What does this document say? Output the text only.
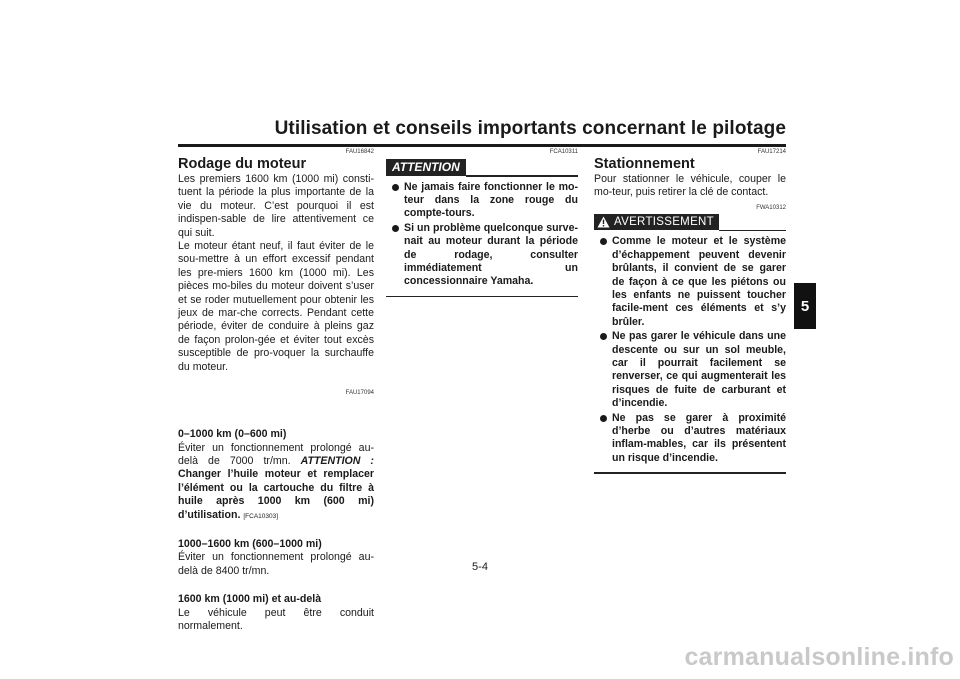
Utilisation et conseils importants concernant le pilotage
5
FAU16842
Rodage du moteur

Les premiers 1600 km (1000 mi) consti-tuent la période la plus importante de la vie du moteur. C’est pourquoi il est indispen-sable de lire attentivement ce qui suit.

Le moteur étant neuf, il faut éviter de le sou-mettre à un effort excessif pendant les pre-miers 1600 km (1000 mi). Les pièces mo-biles du moteur doivent s’user et se roder mutuellement pour obtenir les jeux de mar-che corrects. Pendant cette période, éviter de conduire à pleins gaz de façon prolon-gée et éviter tout excès susceptible de pro-voquer la surchauffe du moteur.

FAU17094
0–1000 km (0–600 mi)

Éviter un fonctionnement prolongé au-delà de 7000 tr/mn. ATTENTION : Changer l’huile moteur et remplacer l’élément ou la cartouche du filtre à huile après 1000 km (600 mi) d’utilisation. [FCA10303]

1000–1600 km (600–1000 mi)

Éviter un fonctionnement prolongé au-delà de 8400 tr/mn.

1600 km (1000 mi) et au-delà

Le véhicule peut être conduit normalement.

FCA10311
ATTENTION
Ne jamais faire fonctionner le mo-teur dans la zone rouge du compte-tours.
Si un problème quelconque surve-nait au moteur durant la période de rodage, consulter immédiatement un concessionnaire Yamaha.
FAU17214
Stationnement

Pour stationner le véhicule, couper le mo-teur, puis retirer la clé de contact.

FWA10312
AVERTISSEMENT
Comme le moteur et le système d’échappement peuvent devenir brûlants, il convient de se garer de façon à ce que les piétons ou les enfants ne puissent toucher facile-ment ces éléments et s’y brûler.
Ne pas garer le véhicule dans une descente ou sur un sol meuble, car il pourrait facilement se renverser, ce qui augmenterait les risques de fuite de carburant et d’incendie.
Ne pas se garer à proximité d’herbe ou d’autres matériaux inflam-mables, car ils présentent un risque d’incendie.
5-4
carmanualsonline.info
